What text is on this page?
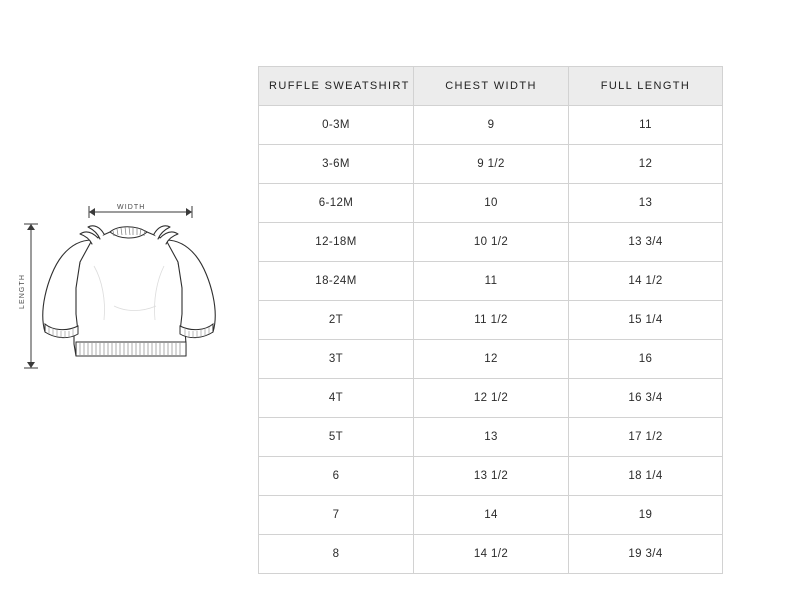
WIDTH
LENGTH
RUFFLE SWEATSHIRT	CHEST WIDTH	FULL LENGTH
0-3M	9	11
3-6M	9 1/2	12
6-12M	10	13
12-18M	10 1/2	13 3/4
18-24M	11	14 1/2
2T	11 1/2	15 1/4
3T	12	16
4T	12 1/2	16 3/4
5T	13	17 1/2
6	13 1/2	18 1/4
7	14	19
8	14 1/2	19 3/4
